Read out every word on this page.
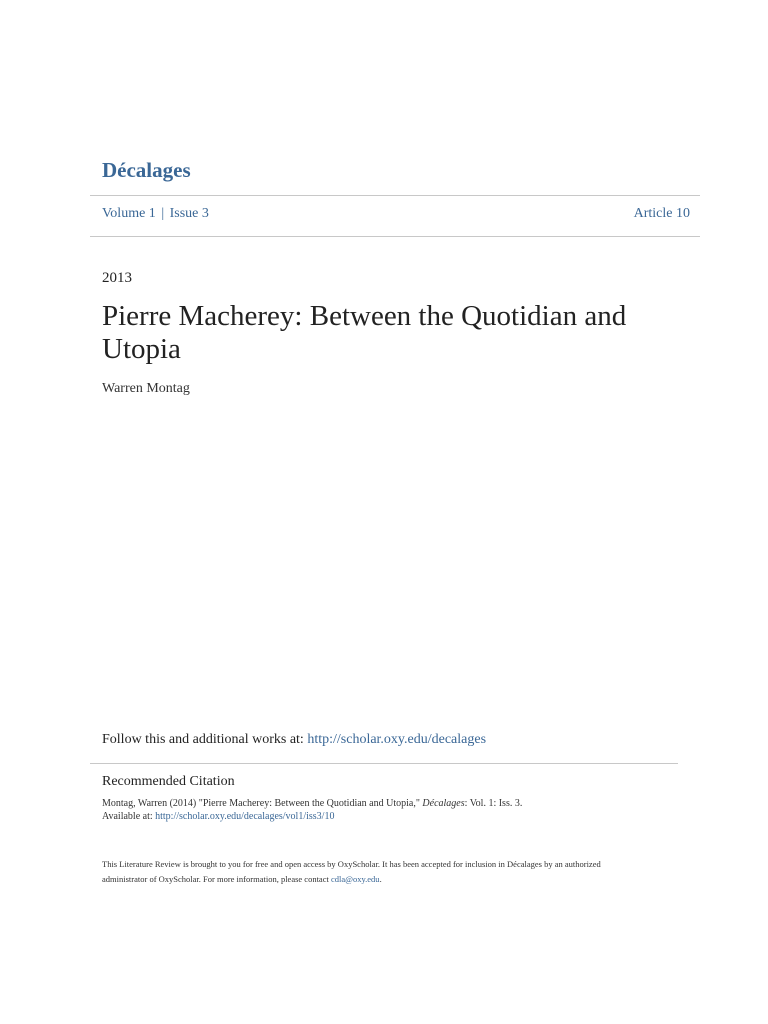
Décalages
Volume 1 | Issue 3	Article 10
2013
Pierre Macherey: Between the Quotidian and Utopia
Warren Montag
Follow this and additional works at: http://scholar.oxy.edu/decalages
Recommended Citation
Montag, Warren (2014) "Pierre Macherey: Between the Quotidian and Utopia," Décalages: Vol. 1: Iss. 3.
Available at: http://scholar.oxy.edu/decalages/vol1/iss3/10
This Literature Review is brought to you for free and open access by OxyScholar. It has been accepted for inclusion in Décalages by an authorized
administrator of OxyScholar. For more information, please contact cdla@oxy.edu.
